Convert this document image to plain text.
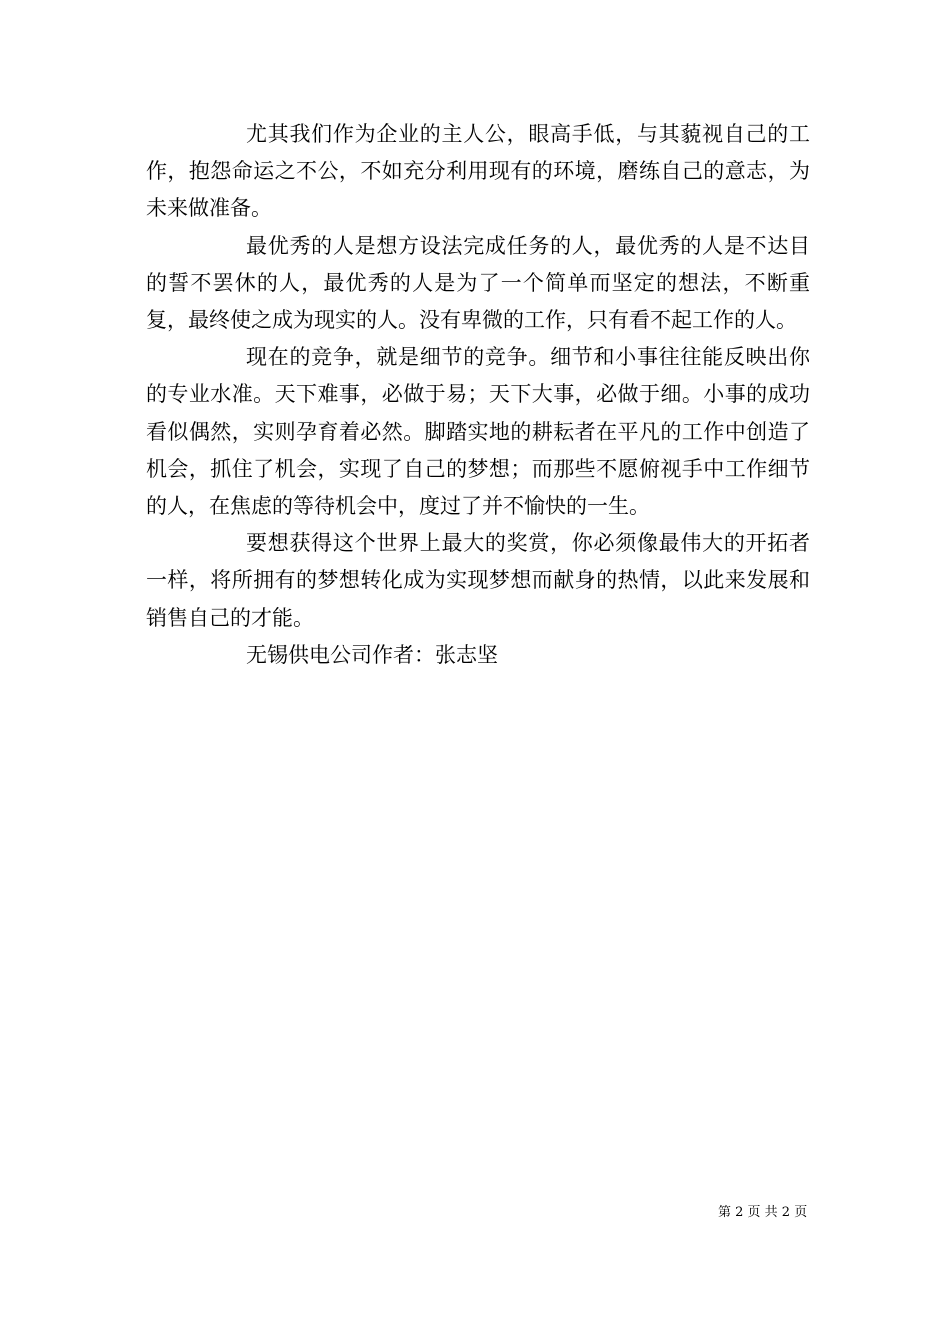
尤其我们作为企业的主人公，眼高手低，与其藐视自己的工作，抱怨命运之不公，不如充分利用现有的环境，磨练自己的意志，为未来做准备。

最优秀的人是想方设法完成任务的人，最优秀的人是不达目的誓不罢休的人，最优秀的人是为了一个简单而坚定的想法，不断重复，最终使之成为现实的人。没有卑微的工作，只有看不起工作的人。

现在的竞争，就是细节的竞争。细节和小事往往能反映出你的专业水准。天下难事，必做于易；天下大事，必做于细。小事的成功看似偶然，实则孕育着必然。脚踏实地的耕耘者在平凡的工作中创造了机会，抓住了机会，实现了自己的梦想；而那些不愿俯视手中工作细节的人，在焦虑的等待机会中，度过了并不愉快的一生。

要想获得这个世界上最大的奖赏，你必须像最伟大的开拓者一样，将所拥有的梦想转化成为实现梦想而献身的热情，以此来发展和销售自己的才能。

无锡供电公司作者：张志坚

第 2 页 共 2 页
